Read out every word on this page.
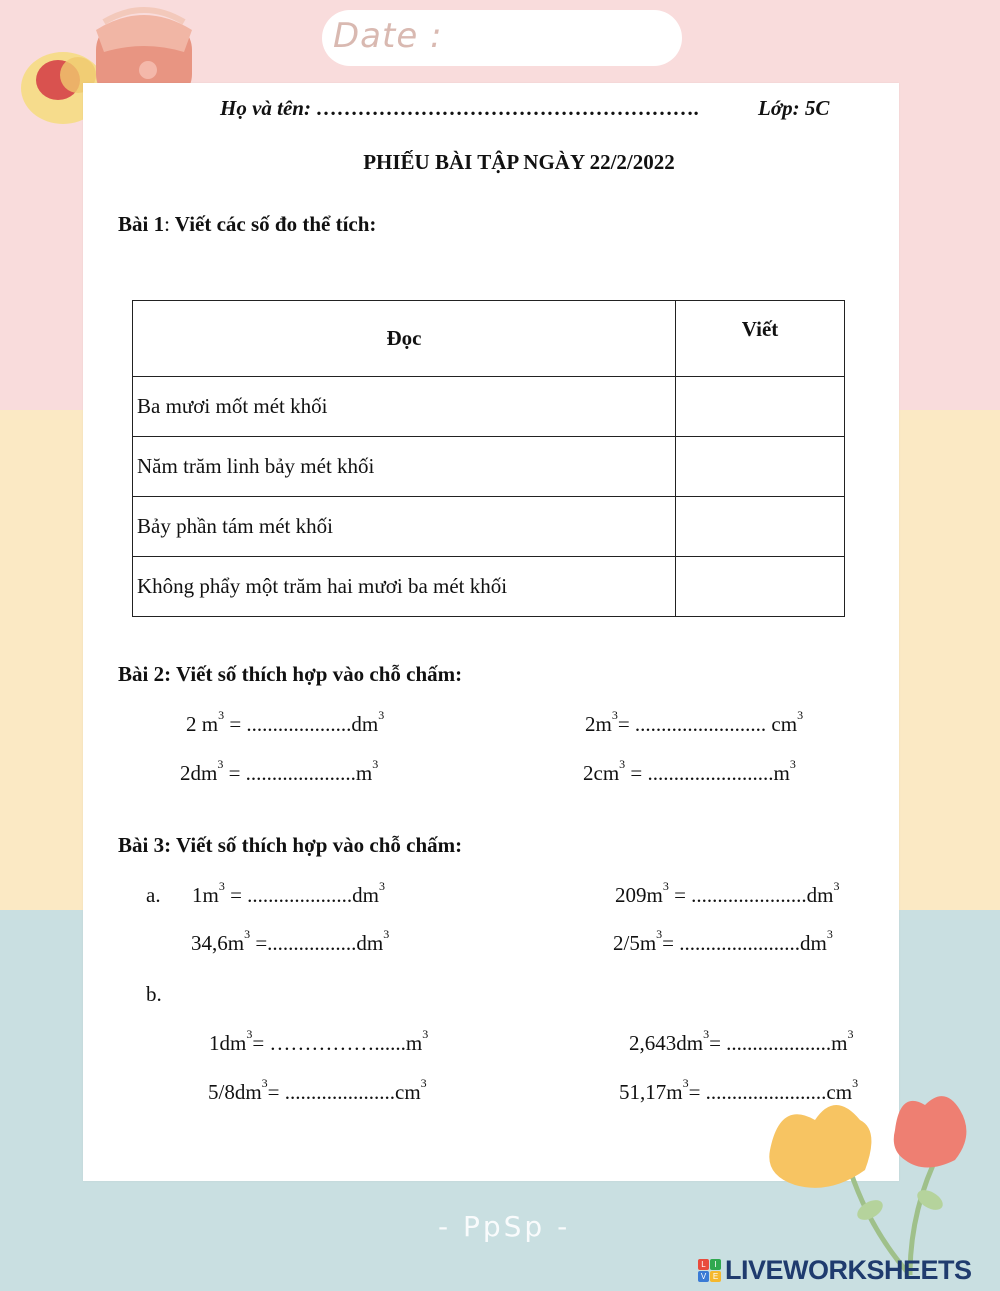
Date :
Họ và tên: ……………………………………………….	Lớp: 5C
PHIẾU BÀI TẬP NGÀY 22/2/2022
Bài 1: Viết các số đo thể tích:
Đọc	Viết
Ba mươi mốt mét khối	
Năm trăm linh bảy mét khối	
Bảy phần tám mét khối	
Không phẩy một trăm hai mươi ba mét khối	
Bài 2: Viết số thích hợp vào chỗ chấm:
2 $m^3 = ....................dm^3$	$2m^3=$ ......................... $cm^3$
$2dm^3 = .....................m^3$	$2cm^3 = ........................m^3$
Bài 3: Viết số thích hợp vào chỗ chấm:
a. $1m^3 = ....................dm^3$	$209m^3 = ......................dm^3$
$34,6m^3 =.................dm^3$	$2/5m^3= .......................dm^3$
b.
$1dm^3=$ $\dots\dots\dots\dots\dots......m^3$	$2,643dm^3= ....................m^3$
$5/8dm^3= .....................cm^3$	$51,17m^3= .......................cm^3$
- PpSp -
L	I
V E LIVEWORKSHEETS
